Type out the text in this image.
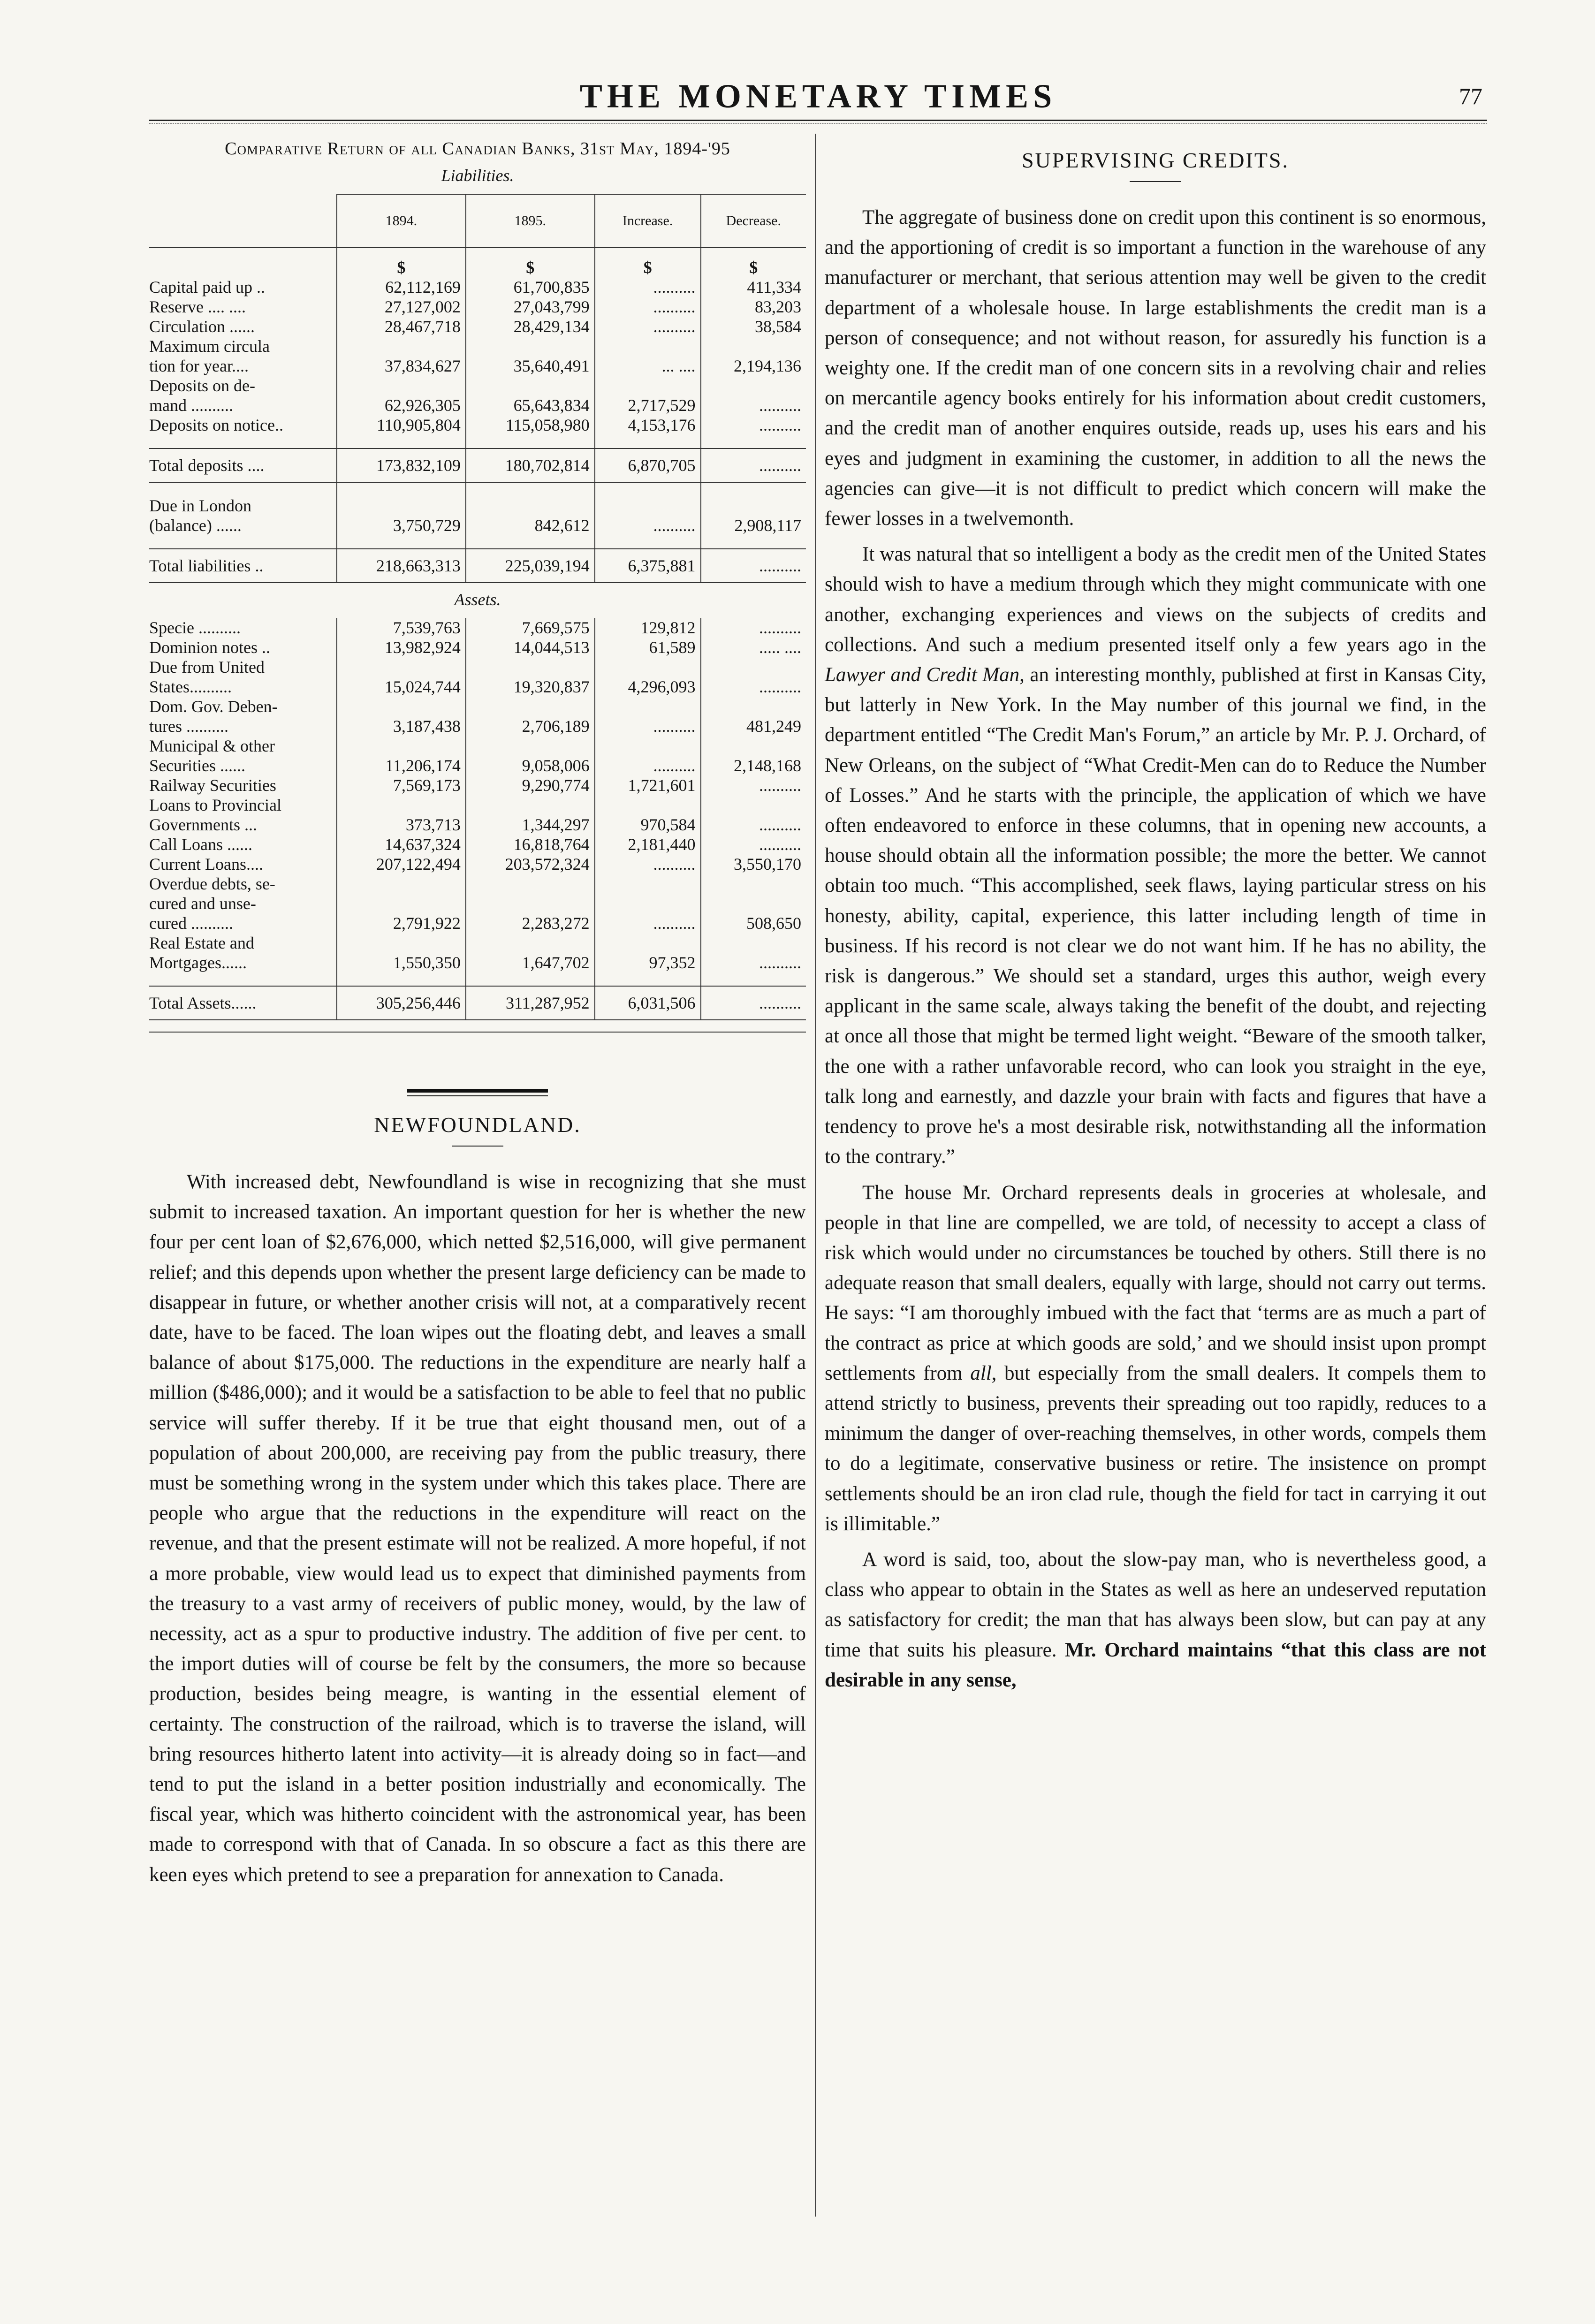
THE MONETARY TIMES	77
Comparative Return of all Canadian Banks, 31st May, 1894-'95
Liabilities.
	1894.	1895.	Increase.	Decrease.
	$	$	$	$
Capital paid up ..	62,112,169	61,700,835	..........	411,334
Reserve .... ....	27,127,002	27,043,799	..........	83,203
Circulation ......	28,467,718	28,429,134	..........	38,584
Maximum circula
tion for year....	37,834,627	35,640,491	... ....	2,194,136
Deposits on de-
mand ..........	62,926,305	65,643,834	2,717,529	..........
Deposits on notice..	110,905,804	115,058,980	4,153,176	..........

Total deposits ....	173,832,109	180,702,814	6,870,705	..........

Due in London
(balance) ......	3,750,729	842,612	..........	2,908,117

Total liabilities ..	218,663,313	225,039,194	6,375,881	..........
Assets.
Specie ..........	7,539,763	7,669,575	129,812	..........
Dominion notes ..	13,982,924	14,044,513	61,589	..... ....
Due from United
States..........	15,024,744	19,320,837	4,296,093	..........
Dom. Gov. Deben-
tures ..........	3,187,438	2,706,189	..........	481,249
Municipal & other
Securities ......	11,206,174	9,058,006	..........	2,148,168
Railway Securities	7,569,173	9,290,774	1,721,601	..........
Loans to Provincial
Governments ...	373,713	1,344,297	970,584	..........
Call Loans ......	14,637,324	16,818,764	2,181,440	..........
Current Loans....	207,122,494	203,572,324	..........	3,550,170
Overdue debts, se-
cured and unse-
cured ..........	2,791,922	2,283,272	..........	508,650
Real Estate and
Mortgages......	1,550,350	1,647,702	97,352	..........

Total Assets......	305,256,446	311,287,952	6,031,506	..........
NEWFOUNDLAND.

With increased debt, Newfoundland is wise in recognizing that she must submit to increased taxation. An important question for her is whether the new four per cent loan of $2,676,000, which netted $2,516,000, will give permanent relief; and this depends upon whether the present large deficiency can be made to disappear in future, or whether another crisis will not, at a comparatively recent date, have to be faced. The loan wipes out the floating debt, and leaves a small balance of about $175,000. The reductions in the expenditure are nearly half a million ($486,000); and it would be a satisfaction to be able to feel that no public service will suffer thereby. If it be true that eight thousand men, out of a population of about 200,000, are receiving pay from the public treasury, there must be something wrong in the system under which this takes place. There are people who argue that the reductions in the expenditure will react on the revenue, and that the present estimate will not be realized. A more hopeful, if not a more probable, view would lead us to expect that diminished payments from the treasury to a vast army of receivers of public money, would, by the law of necessity, act as a spur to productive industry. The addition of five per cent. to the import duties will of course be felt by the consumers, the more so because production, besides being meagre, is wanting in the essential element of certainty. The construction of the railroad, which is to traverse the island, will bring resources hitherto latent into activity—it is already doing so in fact—and tend to put the island in a better position industrially and economically. The fiscal year, which was hitherto coincident with the astronomical year, has been made to correspond with that of Canada. In so obscure a fact as this there are keen eyes which pretend to see a preparation for annexation to Canada.

SUPERVISING CREDITS.

The aggregate of business done on credit upon this continent is so enormous, and the apportioning of credit is so important a function in the warehouse of any manufacturer or merchant, that serious attention may well be given to the credit department of a wholesale house. In large establishments the credit man is a person of consequence; and not without reason, for assuredly his function is a weighty one. If the credit man of one concern sits in a revolving chair and relies on mercantile agency books entirely for his information about credit customers, and the credit man of another enquires outside, reads up, uses his ears and his eyes and judgment in examining the customer, in addition to all the news the agencies can give—it is not difficult to predict which concern will make the fewer losses in a twelvemonth.

It was natural that so intelligent a body as the credit men of the United States should wish to have a medium through which they might communicate with one another, exchanging experiences and views on the subjects of credits and collections. And such a medium presented itself only a few years ago in the Lawyer and Credit Man, an interesting monthly, published at first in Kansas City, but latterly in New York. In the May number of this journal we find, in the department entitled “The Credit Man's Forum,” an article by Mr. P. J. Orchard, of New Orleans, on the subject of “What Credit-Men can do to Reduce the Number of Losses.” And he starts with the principle, the application of which we have often endeavored to enforce in these columns, that in opening new accounts, a house should obtain all the information possible; the more the better. We cannot obtain too much. “This accomplished, seek flaws, laying particular stress on his honesty, ability, capital, experience, this latter including length of time in business. If his record is not clear we do not want him. If he has no ability, the risk is dangerous.” We should set a standard, urges this author, weigh every applicant in the same scale, always taking the benefit of the doubt, and rejecting at once all those that might be termed light weight. “Beware of the smooth talker, the one with a rather unfavorable record, who can look you straight in the eye, talk long and earnestly, and dazzle your brain with facts and figures that have a tendency to prove he's a most desirable risk, notwithstanding all the information to the contrary.”

The house Mr. Orchard represents deals in groceries at wholesale, and people in that line are compelled, we are told, of necessity to accept a class of risk which would under no circumstances be touched by others. Still there is no adequate reason that small dealers, equally with large, should not carry out terms. He says: “I am thoroughly imbued with the fact that ‘terms are as much a part of the contract as price at which goods are sold,’ and we should insist upon prompt settlements from all, but especially from the small dealers. It compels them to attend strictly to business, prevents their spreading out too rapidly, reduces to a minimum the danger of over-reaching themselves, in other words, compels them to do a legitimate, conservative business or retire. The insistence on prompt settlements should be an iron clad rule, though the field for tact in carrying it out is illimitable.”

A word is said, too, about the slow-pay man, who is nevertheless good, a class who appear to obtain in the States as well as here an undeserved reputation as satisfactory for credit; the man that has always been slow, but can pay at any time that suits his pleasure. Mr. Orchard maintains “that this class are not desirable in any sense,
